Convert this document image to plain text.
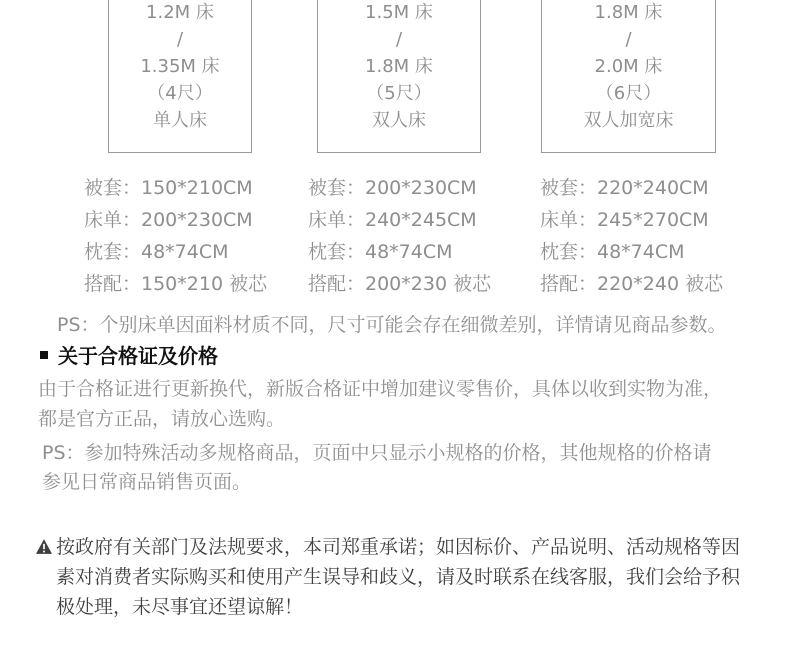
1.2M 床
/
1.35M 床
（4尺）
单人床
1.5M 床
/
1.8M 床
（5尺）
双人床
1.8M 床
/
2.0M 床
（6尺）
双人加宽床
被套：150*210CM
床单：200*230CM
枕套：48*74CM
搭配：150*210 被芯
被套：200*230CM
床单：240*245CM
枕套：48*74CM
搭配：200*230 被芯
被套：220*240CM
床单：245*270CM
枕套：48*74CM
搭配：220*240 被芯
PS：个别床单因面料材质不同，尺寸可能会存在细微差别，详情请见商品参数。
关于合格证及价格
由于合格证进行更新换代，新版合格证中增加建议零售价，具体以收到实物为准，
都是官方正品，请放心选购。
PS：参加特殊活动多规格商品，页面中只显示小规格的价格，其他规格的价格请
参见日常商品销售页面。
按政府有关部门及法规要求，本司郑重承诺；如因标价、产品说明、活动规格等因
素对消费者实际购买和使用产生误导和歧义，请及时联系在线客服，我们会给予积
极处理，未尽事宜还望谅解！
